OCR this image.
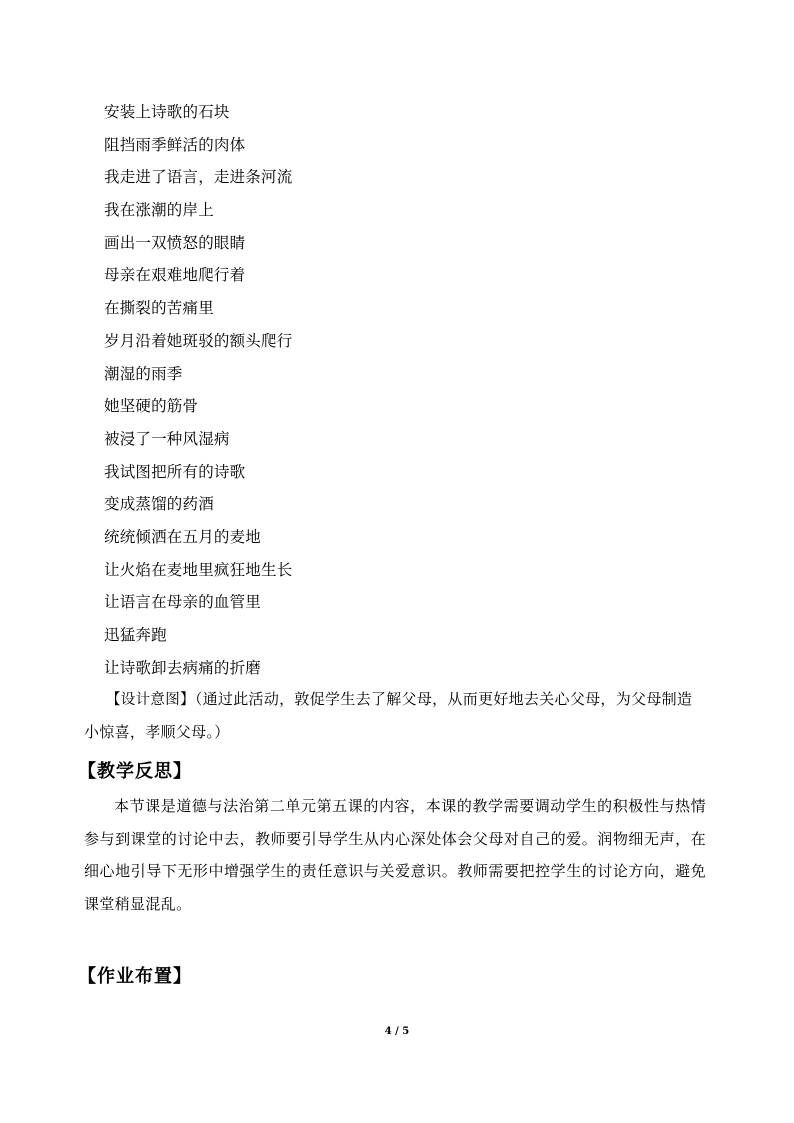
安装上诗歌的石块
阻挡雨季鲜活的肉体
我走进了语言，走进条河流
我在涨潮的岸上
画出一双愤怒的眼睛
母亲在艰难地爬行着
在撕裂的苦痛里
岁月沿着她斑驳的额头爬行
潮湿的雨季
她坚硬的筋骨
被浸了一种风湿病
我试图把所有的诗歌
变成蒸馏的药酒
统统倾洒在五月的麦地
让火焰在麦地里疯狂地生长
让语言在母亲的血管里
迅猛奔跑
让诗歌卸去病痛的折磨

【设计意图】（通过此活动，敦促学生去了解父母，从而更好地去关心父母，为父母制造小惊喜，孝顺父母。）

【教学反思】

本节课是道德与法治第二单元第五课的内容，本课的教学需要调动学生的积极性与热情参与到课堂的讨论中去，教师要引导学生从内心深处体会父母对自己的爱。润物细无声，在细心地引导下无形中增强学生的责任意识与关爱意识。教师需要把控学生的讨论方向，避免课堂稍显混乱。

【作业布置】
4 / 5
